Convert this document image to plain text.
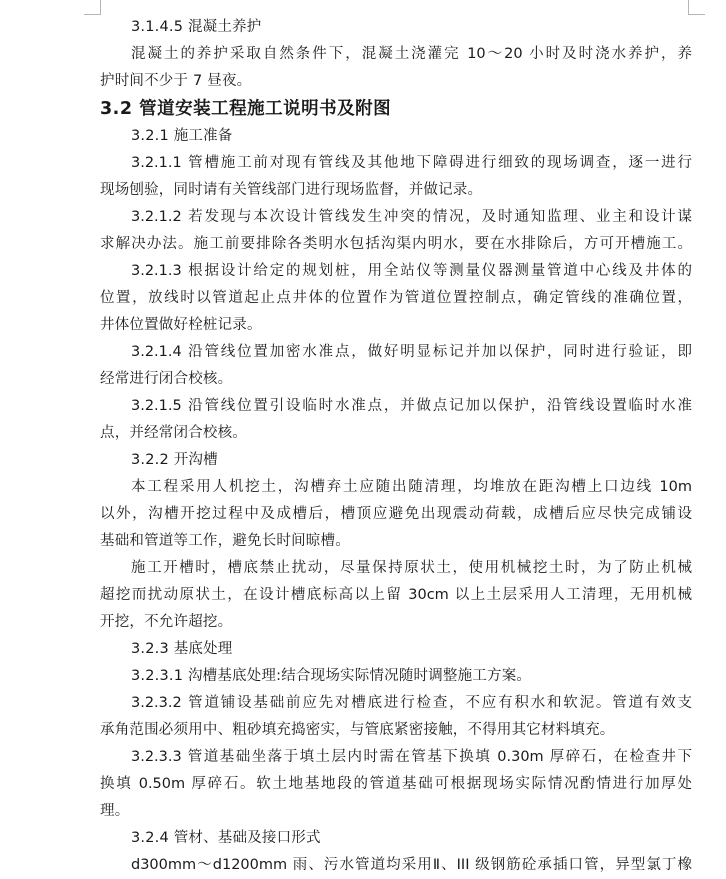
3.1.4.5 混凝土养护
混凝土的养护采取自然条件下，混凝土浇灌完 10～20 小时及时浇水养护，养
护时间不少于 7 昼夜。
3.2 管道安装工程施工说明书及附图
3.2.1 施工准备
3.2.1.1 管槽施工前对现有管线及其他地下障碍进行细致的现场调查，逐一进行
现场刨验，同时请有关管线部门进行现场监督，并做记录。
3.2.1.2 若发现与本次设计管线发生冲突的情况，及时通知监理、业主和设计谋
求解决办法。施工前要排除各类明水包括沟渠内明水，要在水排除后，方可开槽施工。
3.2.1.3 根据设计给定的规划桩，用全站仪等测量仪器测量管道中心线及井体的
位置，放线时以管道起止点井体的位置作为管道位置控制点，确定管线的准确位置，
井体位置做好栓桩记录。
3.2.1.4 沿管线位置加密水准点，做好明显标记并加以保护，同时进行验证，即
经常进行闭合校核。
3.2.1.5 沿管线位置引设临时水准点，并做点记加以保护，沿管线设置临时水准
点，并经常闭合校核。
3.2.2 开沟槽
本工程采用人机挖土，沟槽弃土应随出随清理，均堆放在距沟槽上口边线 10m
以外，沟槽开挖过程中及成槽后，槽顶应避免出现震动荷载，成槽后应尽快完成铺设
基础和管道等工作，避免长时间晾槽。
施工开槽时，槽底禁止扰动，尽量保持原状土，使用机械挖土时，为了防止机械
超挖而扰动原状土，在设计槽底标高以上留 30cm 以上土层采用人工清理，无用机械
开挖，不允许超挖。
3.2.3 基底处理
3.2.3.1 沟槽基底处理:结合现场实际情况随时调整施工方案。
3.2.3.2 管道铺设基础前应先对槽底进行检查，不应有积水和软泥。管道有效支
承角范围必须用中、粗砂填充捣密实，与管底紧密接触，不得用其它材料填充。
3.2.3.3 管道基础坐落于填土层内时需在管基下换填 0.30m 厚碎石，在检查井下
换填 0.50m 厚碎石。软土地基地段的管道基础可根据现场实际情况酌情进行加厚处
理。
3.2.4 管材、基础及接口形式
d300mm～d1200mm 雨、污水管道均采用Ⅱ、III 级钢筋砼承插口管，异型氯丁橡
